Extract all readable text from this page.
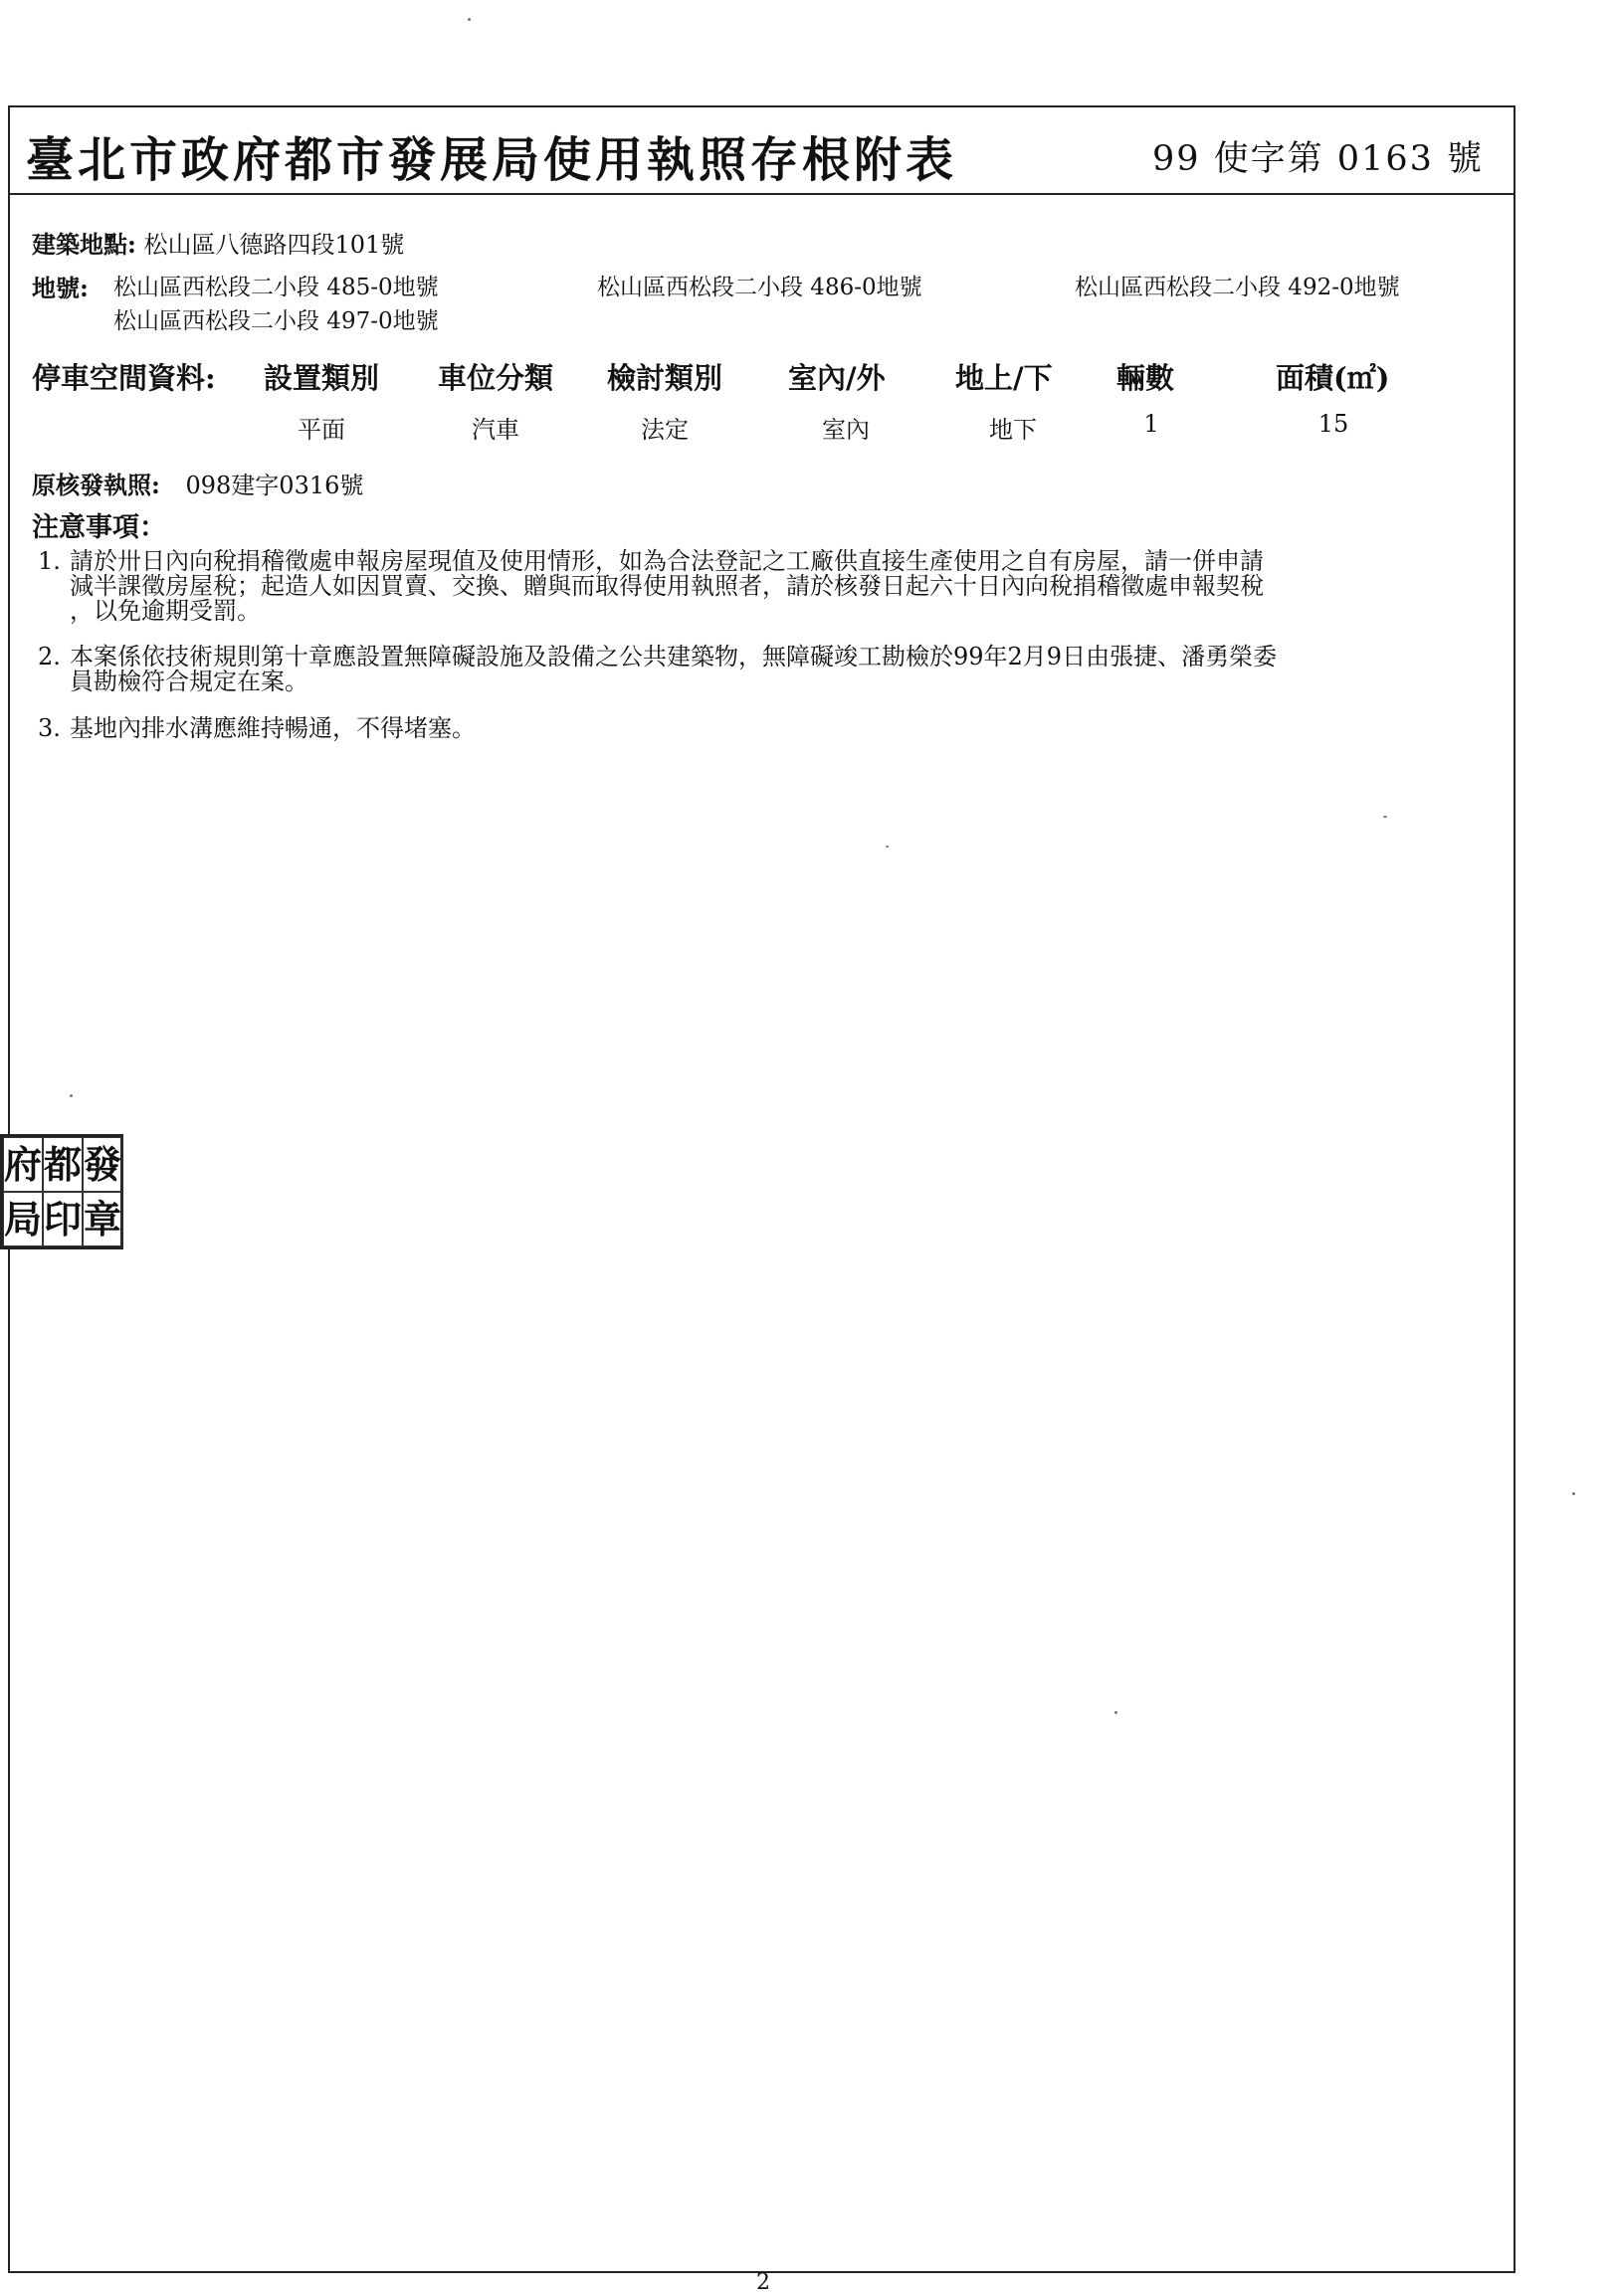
臺北市政府都市發展局使用執照存根附表	99 使字第 0163 號
建築地點: 松山區八德路四段101號
地號: 松山區西松段二小段 485-0地號	松山區西松段二小段 486-0地號	松山區西松段二小段 492-0地號
松山區西松段二小段 497-0地號
停車空間資料: 設置類別 車位分類 檢討類別 室內/外 地上/下 輛數	面積(㎡)
平面	汽車	法定	室內	地下	1	15
原核發執照: 098建字0316號
注意事項：
1. 請於卅日內向稅捐稽徵處申報房屋現值及使用情形，如為合法登記之工廠供直接生產使用之自有房屋，請一併申請
減半課徵房屋稅；起造人如因買賣、交換、贈與而取得使用執照者，請於核發日起六十日內向稅捐稽徵處申報契稅
，以免逾期受罰。
2. 本案係依技術規則第十章應設置無障礙設施及設備之公共建築物，無障礙竣工勘檢於99年2月9日由張捷、潘勇榮委
員勘檢符合規定在案。
3. 基地內排水溝應維持暢通，不得堵塞。
府 都 發
局 印 章
2
